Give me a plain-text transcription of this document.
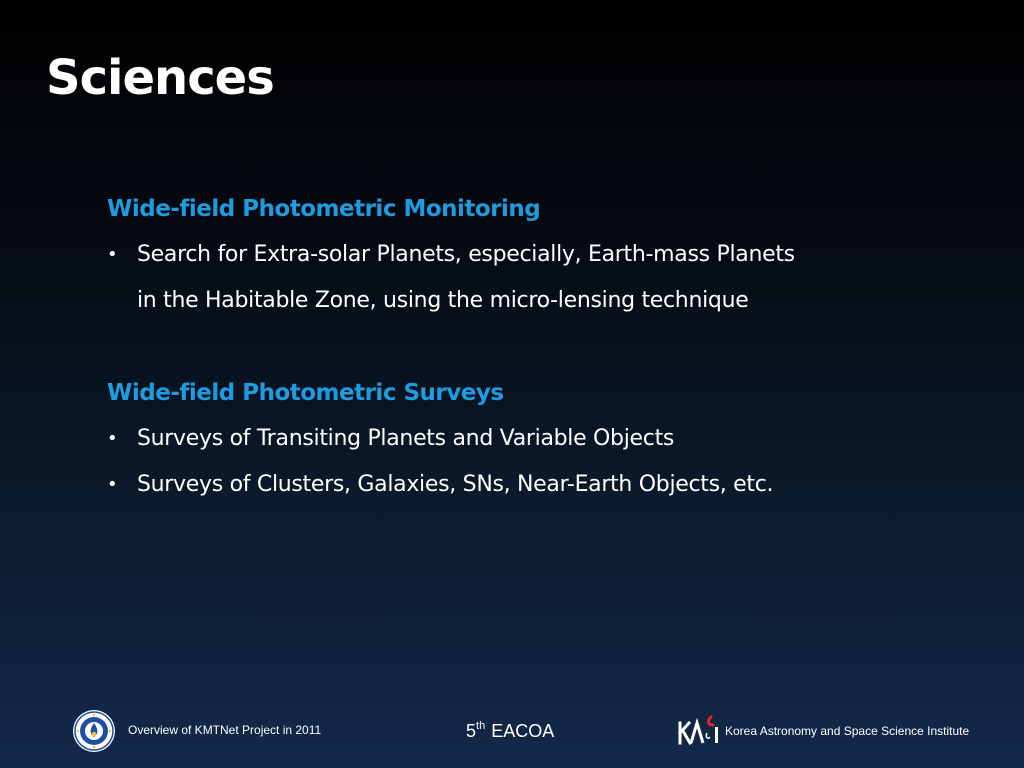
Sciences
Wide-field Photometric Monitoring
• Search for Extra-solar Planets, especially, Earth-mass Planets
in the Habitable Zone, using the micro-lensing technique
Wide-field Photometric Surveys
• Surveys of Transiting Planets and Variable Objects
• Surveys of Clusters, Galaxies, SNs, Near-Earth Objects, etc.
Overview of KMTNet Project in 2011	5th EACOA	Korea Astronomy and Space Science Institute
